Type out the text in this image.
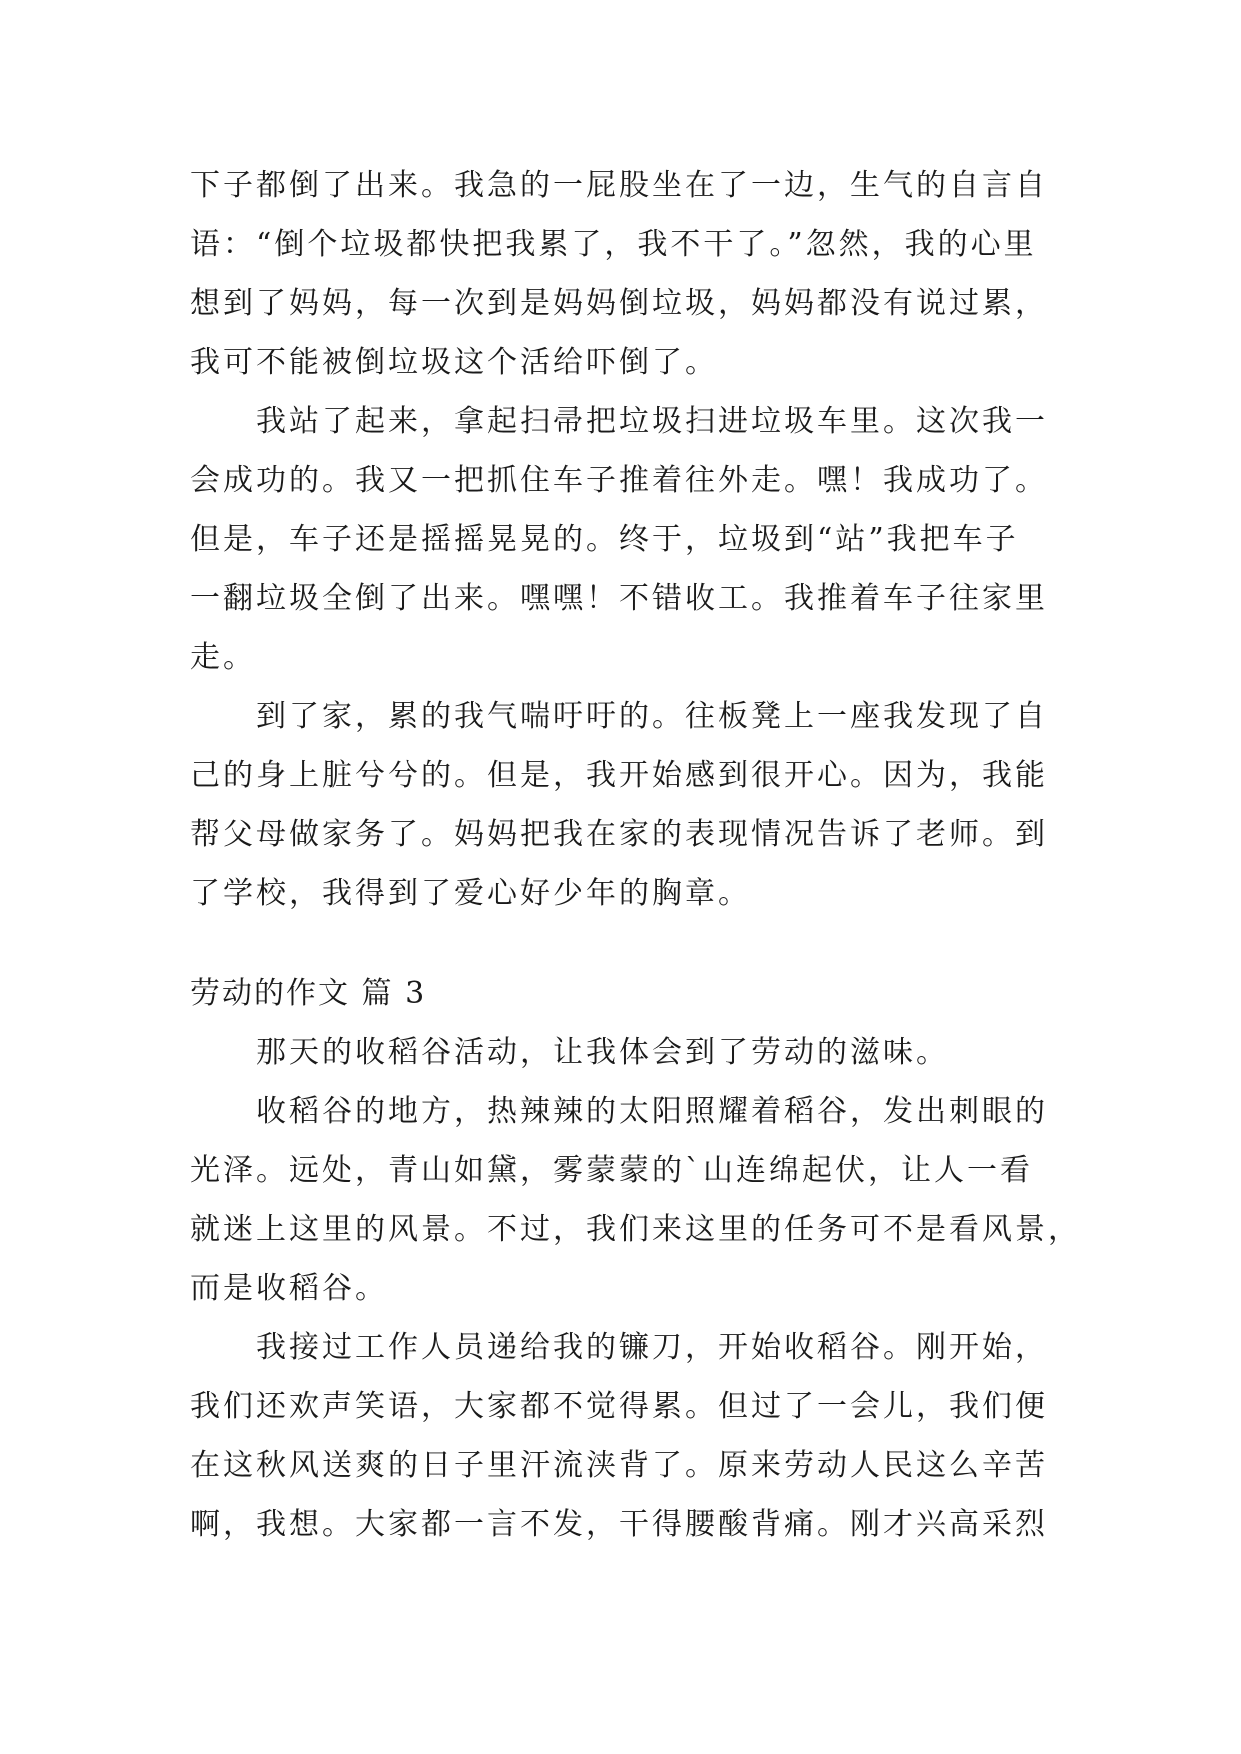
下子都倒了出来。我急的一屁股坐在了一边，生气的自言自
语：“倒个垃圾都快把我累了，我不干了。”忽然，我的心里
想到了妈妈，每一次到是妈妈倒垃圾，妈妈都没有说过累，
我可不能被倒垃圾这个活给吓倒了。
我站了起来，拿起扫帚把垃圾扫进垃圾车里。这次我一
会成功的。我又一把抓住车子推着往外走。嘿！我成功了。
但是，车子还是摇摇晃晃的。终于，垃圾到“站”我把车子
一翻垃圾全倒了出来。嘿嘿！不错收工。我推着车子往家里
走。
到了家，累的我气喘吁吁的。往板凳上一座我发现了自
己的身上脏兮兮的。但是，我开始感到很开心。因为，我能
帮父母做家务了。妈妈把我在家的表现情况告诉了老师。到
了学校，我得到了爱心好少年的胸章。
劳动的作文 篇 3
那天的收稻谷活动，让我体会到了劳动的滋味。
收稻谷的地方，热辣辣的太阳照耀着稻谷，发出刺眼的
光泽。远处，青山如黛，雾蒙蒙的`山连绵起伏，让人一看
就迷上这里的风景。不过，我们来这里的任务可不是看风景，
而是收稻谷。
我接过工作人员递给我的镰刀，开始收稻谷。刚开始，
我们还欢声笑语，大家都不觉得累。但过了一会儿，我们便
在这秋风送爽的日子里汗流浃背了。原来劳动人民这么辛苦
啊，我想。大家都一言不发，干得腰酸背痛。刚才兴高采烈
